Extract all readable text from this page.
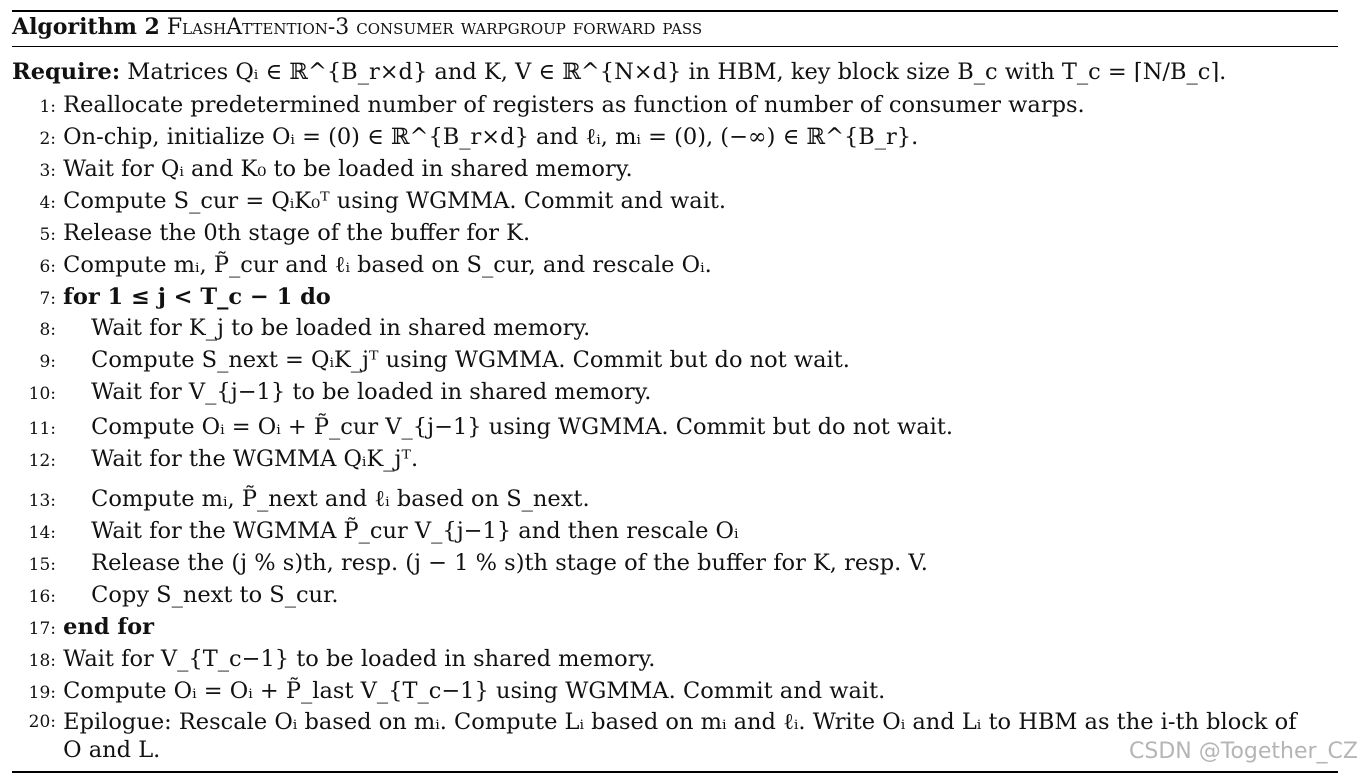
Algorithm 2 FlashAttention-3 consumer warpgroup forward pass
Require: Matrices Qᵢ ∈ ℝ^{B_r×d} and K, V ∈ ℝ^{N×d} in HBM, key block size B_c with T_c = ⌈N/B_c⌉.
1: Reallocate predetermined number of registers as function of number of consumer warps.
2: On-chip, initialize Oᵢ = (0) ∈ ℝ^{B_r×d} and ℓᵢ, mᵢ = (0), (−∞) ∈ ℝ^{B_r}.
3: Wait for Qᵢ and K₀ to be loaded in shared memory.
4: Compute S_cur = QᵢK₀ᵀ using WGMMA. Commit and wait.
5: Release the 0th stage of the buffer for K.
6: Compute mᵢ, P̃_cur and ℓᵢ based on S_cur, and rescale Oᵢ.
7: for 1 ≤ j < T_c − 1 do
8: Wait for K_j to be loaded in shared memory.
9: Compute S_next = QᵢK_jᵀ using WGMMA. Commit but do not wait.
10: Wait for V_{j−1} to be loaded in shared memory.
11: Compute Oᵢ = Oᵢ + P̃_cur V_{j−1} using WGMMA. Commit but do not wait.
12: Wait for the WGMMA QᵢK_jᵀ.
13: Compute mᵢ, P̃_next and ℓᵢ based on S_next.
14: Wait for the WGMMA P̃_cur V_{j−1} and then rescale Oᵢ
15: Release the (j % s)th, resp. (j − 1 % s)th stage of the buffer for K, resp. V.
16: Copy S_next to S_cur.
17: end for
18: Wait for V_{T_c−1} to be loaded in shared memory.
19: Compute Oᵢ = Oᵢ + P̃_last V_{T_c−1} using WGMMA. Commit and wait.
20: Epilogue: Rescale Oᵢ based on mᵢ. Compute Lᵢ based on mᵢ and ℓᵢ. Write Oᵢ and Lᵢ to HBM as the i-th block of O and L.	CSDN @Together_CZ
